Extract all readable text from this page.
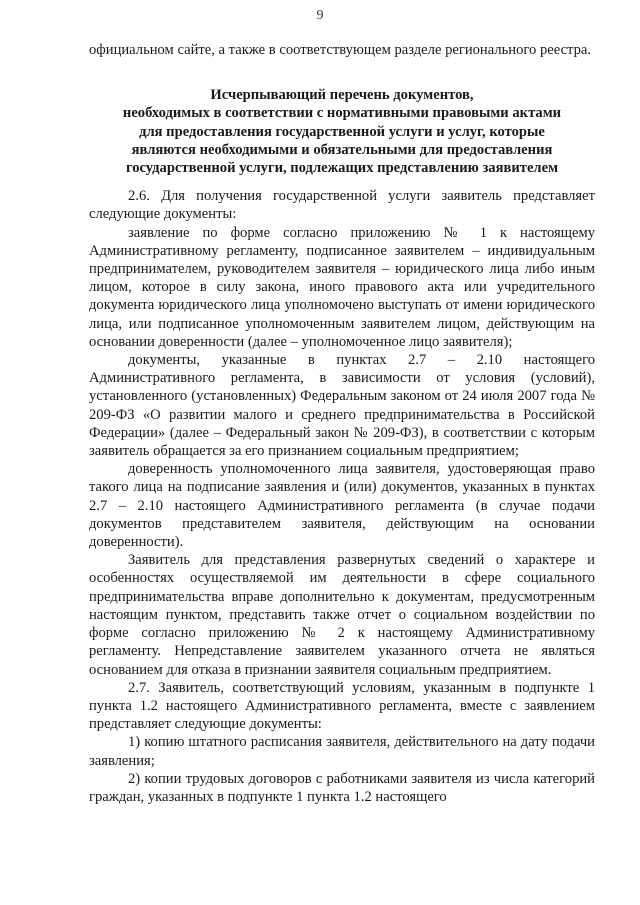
9

официальном сайте, а также в соответствующем разделе регионального реестра.

Исчерпывающий перечень документов,
необходимых в соответствии с нормативными правовыми актами
для предоставления государственной услуги и услуг, которые
являются необходимыми и обязательными для предоставления
государственной услуги, подлежащих представлению заявителем

2.6. Для получения государственной услуги заявитель представляет следующие документы:

заявление по форме согласно приложению № 1 к настоящему Административному регламенту, подписанное заявителем – индивидуальным предпринимателем, руководителем заявителя – юридического лица либо иным лицом, которое в силу закона, иного правового акта или учредительного документа юридического лица уполномочено выступать от имени юридического лица, или подписанное уполномоченным заявителем лицом, действующим на основании доверенности (далее – уполномоченное лицо заявителя);

документы, указанные в пунктах 2.7 – 2.10 настоящего Административного регламента, в зависимости от условия (условий), установленного (установленных) Федеральным законом от 24 июля 2007 года № 209-ФЗ «О развитии малого и среднего предпринимательства в Российской Федерации» (далее – Федеральный закон № 209-ФЗ), в соответствии с которым заявитель обращается за его признанием социальным предприятием;

доверенность уполномоченного лица заявителя, удостоверяющая право такого лица на подписание заявления и (или) документов, указанных в пунктах 2.7 – 2.10 настоящего Административного регламента (в случае подачи документов представителем заявителя, действующим на основании доверенности).

Заявитель для представления развернутых сведений о характере и особенностях осуществляемой им деятельности в сфере социального предпринимательства вправе дополнительно к документам, предусмотренным настоящим пунктом, представить также отчет о социальном воздействии по форме согласно приложению № 2 к настоящему Административному регламенту. Непредставление заявителем указанного отчета не являться основанием для отказа в признании заявителя социальным предприятием.

2.7. Заявитель, соответствующий условиям, указанным в подпункте 1 пункта 1.2 настоящего Административного регламента, вместе с заявлением представляет следующие документы:

1) копию штатного расписания заявителя, действительного на дату подачи заявления;

2) копии трудовых договоров с работниками заявителя из числа категорий граждан, указанных в подпункте 1 пункта 1.2 настоящего
